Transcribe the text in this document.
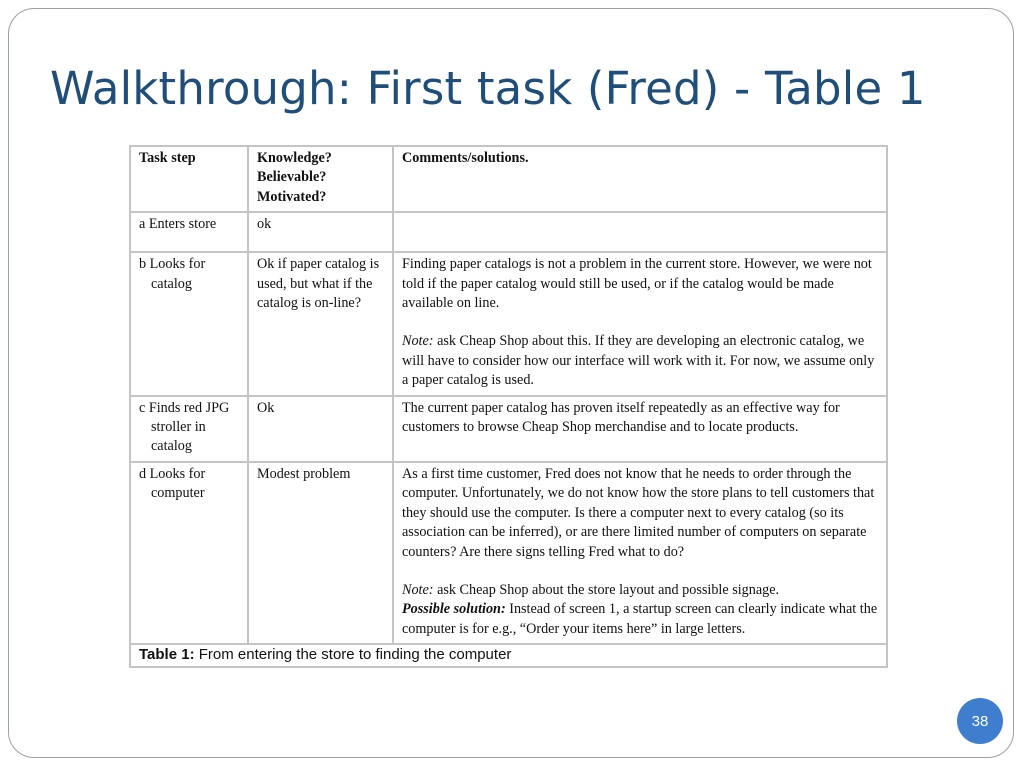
Walkthrough: First task (Fred) - Table 1
Task step	Knowledge? Believable? Motivated?	Comments/solutions.

a Enters store	ok	

b Looks for catalog	Ok if paper catalog is used, but what if the catalog is on-line?	Finding paper catalogs is not a problem in the current store. However, we were not told if the paper catalog would still be used, or if the catalog would be made available on line.
Note: ask Cheap Shop about this. If they are developing an electronic catalog, we will have to consider how our interface will work with it. For now, we assume only a paper catalog is used.

c Finds red JPG stroller in catalog	Ok	The current paper catalog has proven itself repeatedly as an effective way for customers to browse Cheap Shop merchandise and to locate products.

d Looks for computer	Modest problem	As a first time customer, Fred does not know that he needs to order through the computer. Unfortunately, we do not know how the store plans to tell customers that they should use the computer. Is there a computer next to every catalog (so its association can be inferred), or are there limited number of computers on separate counters? Are there signs telling Fred what to do?
Note: ask Cheap Shop about the store layout and possible signage.
Possible solution: Instead of screen 1, a startup screen can clearly indicate what the computer is for e.g., “Order your items here” in large letters.

Table 1: From entering the store to finding the computer		
38
